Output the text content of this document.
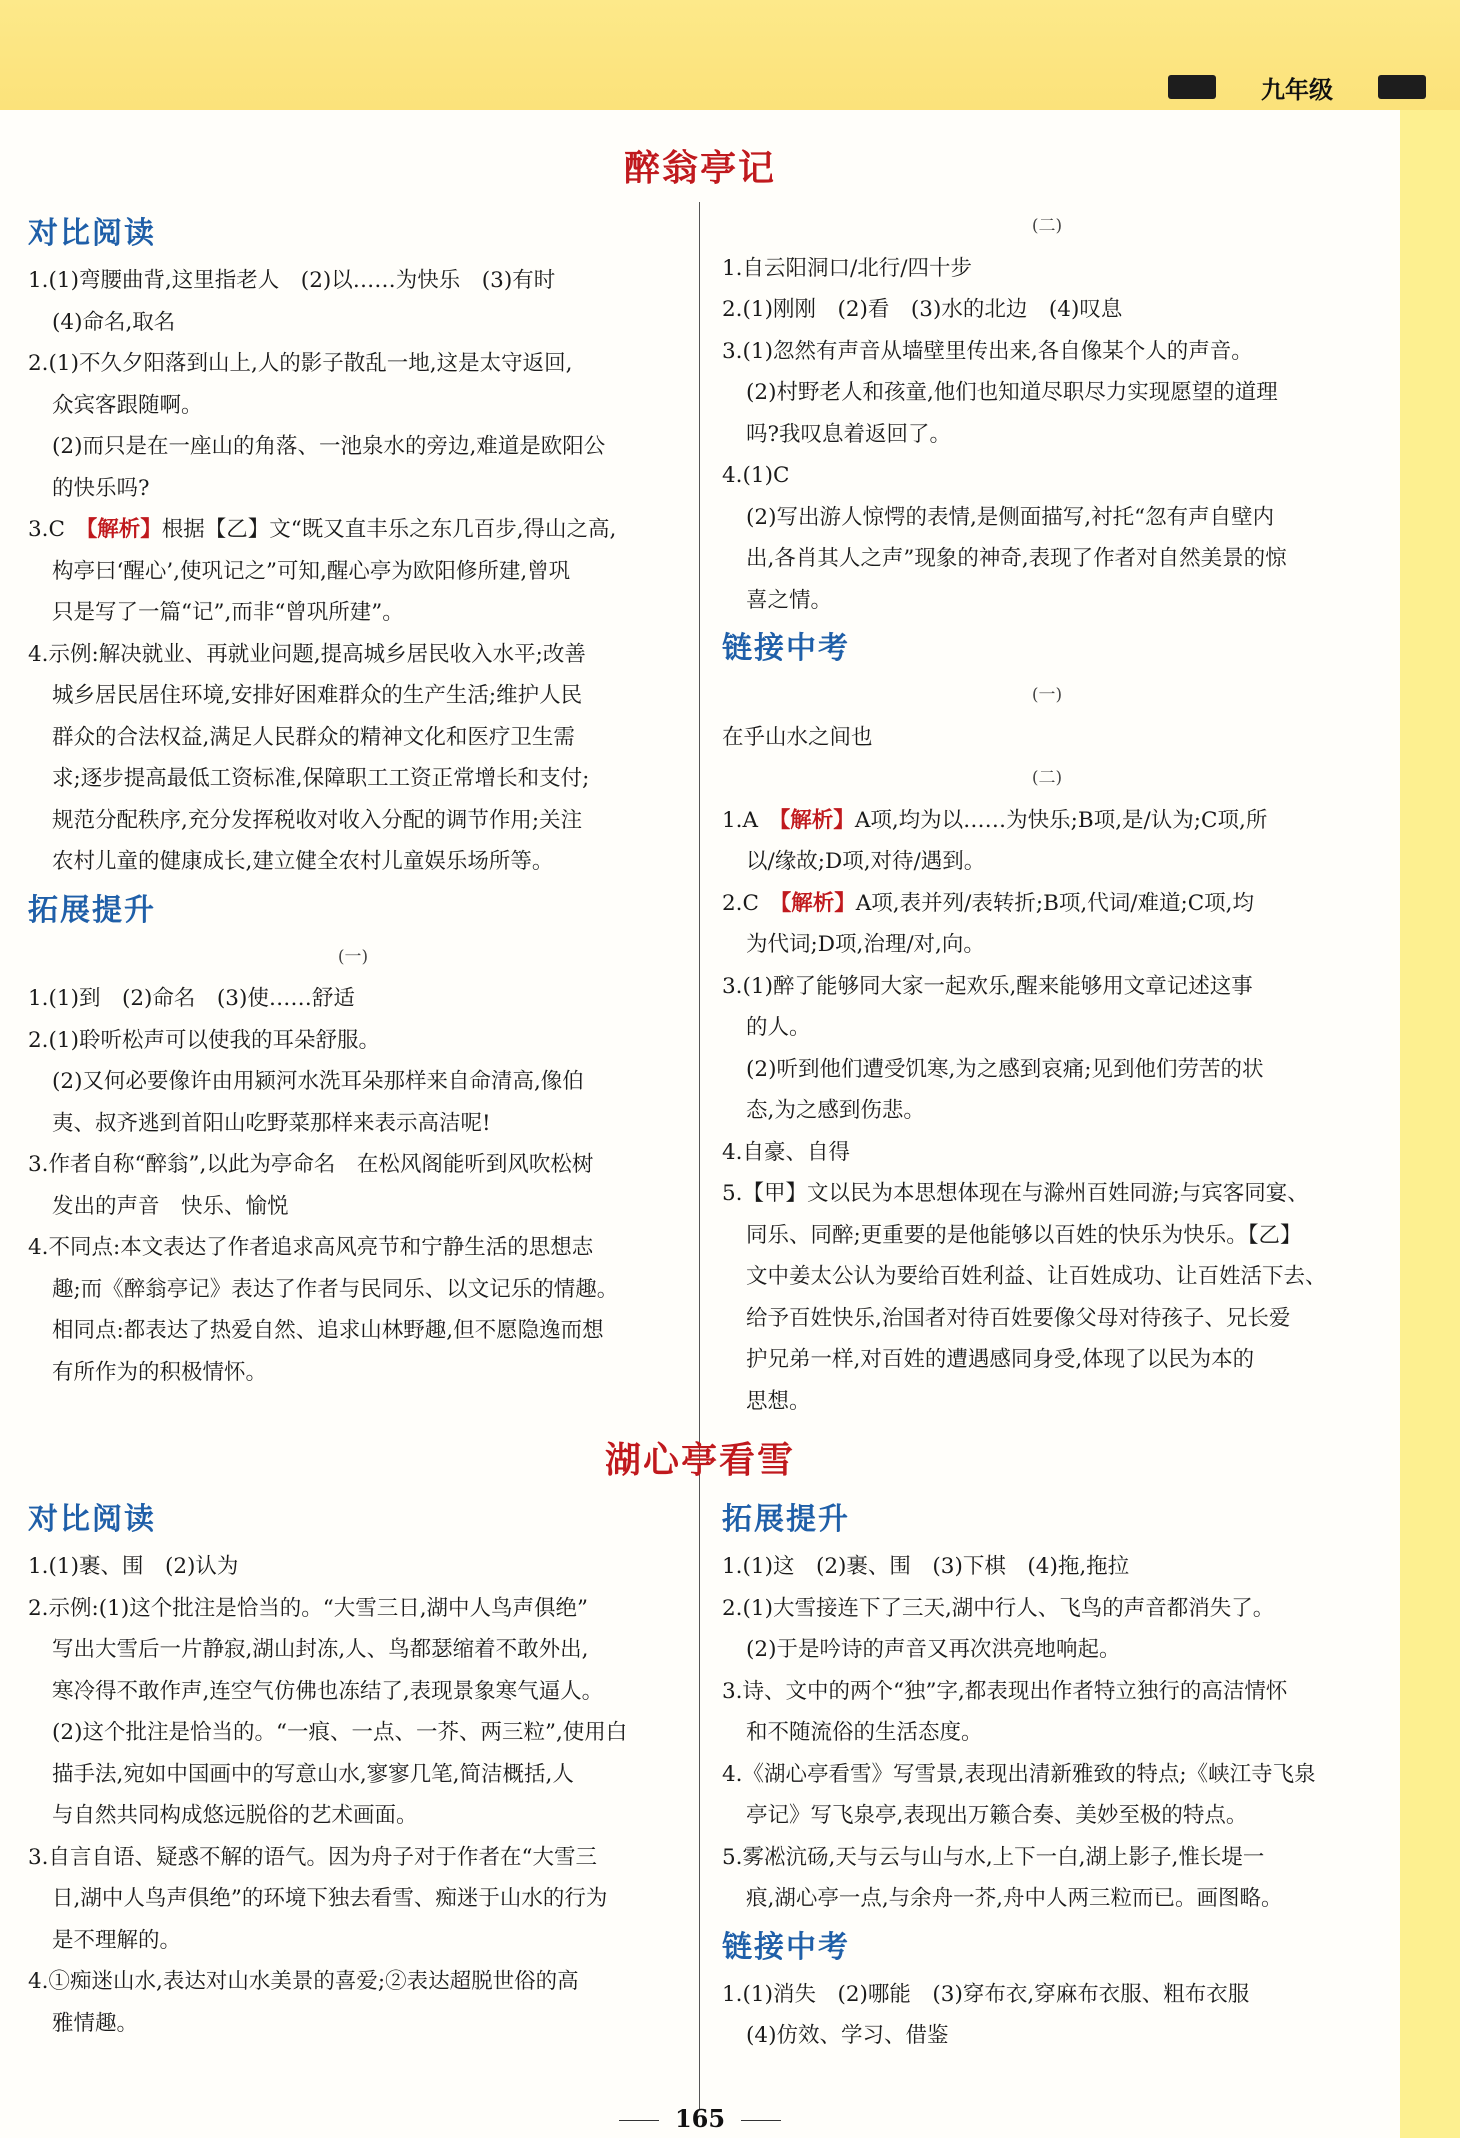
九年级
醉翁亭记
对比阅读

1.(1)弯腰曲背,这里指老人　(2)以……为快乐　(3)有时

(4)命名,取名

2.(1)不久夕阳落到山上,人的影子散乱一地,这是太守返回,

众宾客跟随啊。

(2)而只是在一座山的角落、一池泉水的旁边,难道是欧阳公

的快乐吗?

3.C　【解析】根据【乙】文“既又直丰乐之东几百步,得山之高,

构亭曰‘醒心’,使巩记之”可知,醒心亭为欧阳修所建,曾巩

只是写了一篇“记”,而非“曾巩所建”。

4.示例:解决就业、再就业问题,提高城乡居民收入水平;改善

城乡居民居住环境,安排好困难群众的生产生活;维护人民

群众的合法权益,满足人民群众的精神文化和医疗卫生需

求;逐步提高最低工资标准,保障职工工资正常增长和支付;

规范分配秩序,充分发挥税收对收入分配的调节作用;关注

农村儿童的健康成长,建立健全农村儿童娱乐场所等。

拓展提升
(一)

1.(1)到　(2)命名　(3)使……舒适

2.(1)聆听松声可以使我的耳朵舒服。

(2)又何必要像许由用颍河水洗耳朵那样来自命清高,像伯

夷、叔齐逃到首阳山吃野菜那样来表示高洁呢!

3.作者自称“醉翁”,以此为亭命名　在松风阁能听到风吹松树

发出的声音　快乐、愉悦

4.不同点:本文表达了作者追求高风亮节和宁静生活的思想志

趣;而《醉翁亭记》表达了作者与民同乐、以文记乐的情趣。

相同点:都表达了热爱自然、追求山林野趣,但不愿隐逸而想

有所作为的积极情怀。

(二)

1.自云阳洞口/北行/四十步

2.(1)刚刚　(2)看　(3)水的北边　(4)叹息

3.(1)忽然有声音从墙壁里传出来,各自像某个人的声音。

(2)村野老人和孩童,他们也知道尽职尽力实现愿望的道理

吗?我叹息着返回了。

4.(1)C

(2)写出游人惊愕的表情,是侧面描写,衬托“忽有声自壁内

出,各肖其人之声”现象的神奇,表现了作者对自然美景的惊

喜之情。

链接中考
(一)

在乎山水之间也

(二)

1.A　【解析】A项,均为以……为快乐;B项,是/认为;C项,所

以/缘故;D项,对待/遇到。

2.C　【解析】A项,表并列/表转折;B项,代词/难道;C项,均

为代词;D项,治理/对,向。

3.(1)醉了能够同大家一起欢乐,醒来能够用文章记述这事

的人。

(2)听到他们遭受饥寒,为之感到哀痛;见到他们劳苦的状

态,为之感到伤悲。

4.自豪、自得

5.【甲】文以民为本思想体现在与滁州百姓同游;与宾客同宴、

同乐、同醉;更重要的是他能够以百姓的快乐为快乐。【乙】

文中姜太公认为要给百姓利益、让百姓成功、让百姓活下去、

给予百姓快乐,治国者对待百姓要像父母对待孩子、兄长爱

护兄弟一样,对百姓的遭遇感同身受,体现了以民为本的

思想。

湖心亭看雪
对比阅读

1.(1)裹、围　(2)认为

2.示例:(1)这个批注是恰当的。“大雪三日,湖中人鸟声俱绝”

写出大雪后一片静寂,湖山封冻,人、鸟都瑟缩着不敢外出,

寒冷得不敢作声,连空气仿佛也冻结了,表现景象寒气逼人。

(2)这个批注是恰当的。“一痕、一点、一芥、两三粒”,使用白

描手法,宛如中国画中的写意山水,寥寥几笔,简洁概括,人

与自然共同构成悠远脱俗的艺术画面。

3.自言自语、疑惑不解的语气。因为舟子对于作者在“大雪三

日,湖中人鸟声俱绝”的环境下独去看雪、痴迷于山水的行为

是不理解的。

4.①痴迷山水,表达对山水美景的喜爱;②表达超脱世俗的高

雅情趣。

拓展提升

1.(1)这　(2)裹、围　(3)下棋　(4)拖,拖拉

2.(1)大雪接连下了三天,湖中行人、飞鸟的声音都消失了。

(2)于是吟诗的声音又再次洪亮地响起。

3.诗、文中的两个“独”字,都表现出作者特立独行的高洁情怀

和不随流俗的生活态度。

4.《湖心亭看雪》写雪景,表现出清新雅致的特点;《峡江寺飞泉

亭记》写飞泉亭,表现出万籁合奏、美妙至极的特点。

5.雾凇沆砀,天与云与山与水,上下一白,湖上影子,惟长堤一

痕,湖心亭一点,与余舟一芥,舟中人两三粒而已。画图略。

链接中考

1.(1)消失　(2)哪能　(3)穿布衣,穿麻布衣服、粗布衣服

(4)仿效、学习、借鉴

165
